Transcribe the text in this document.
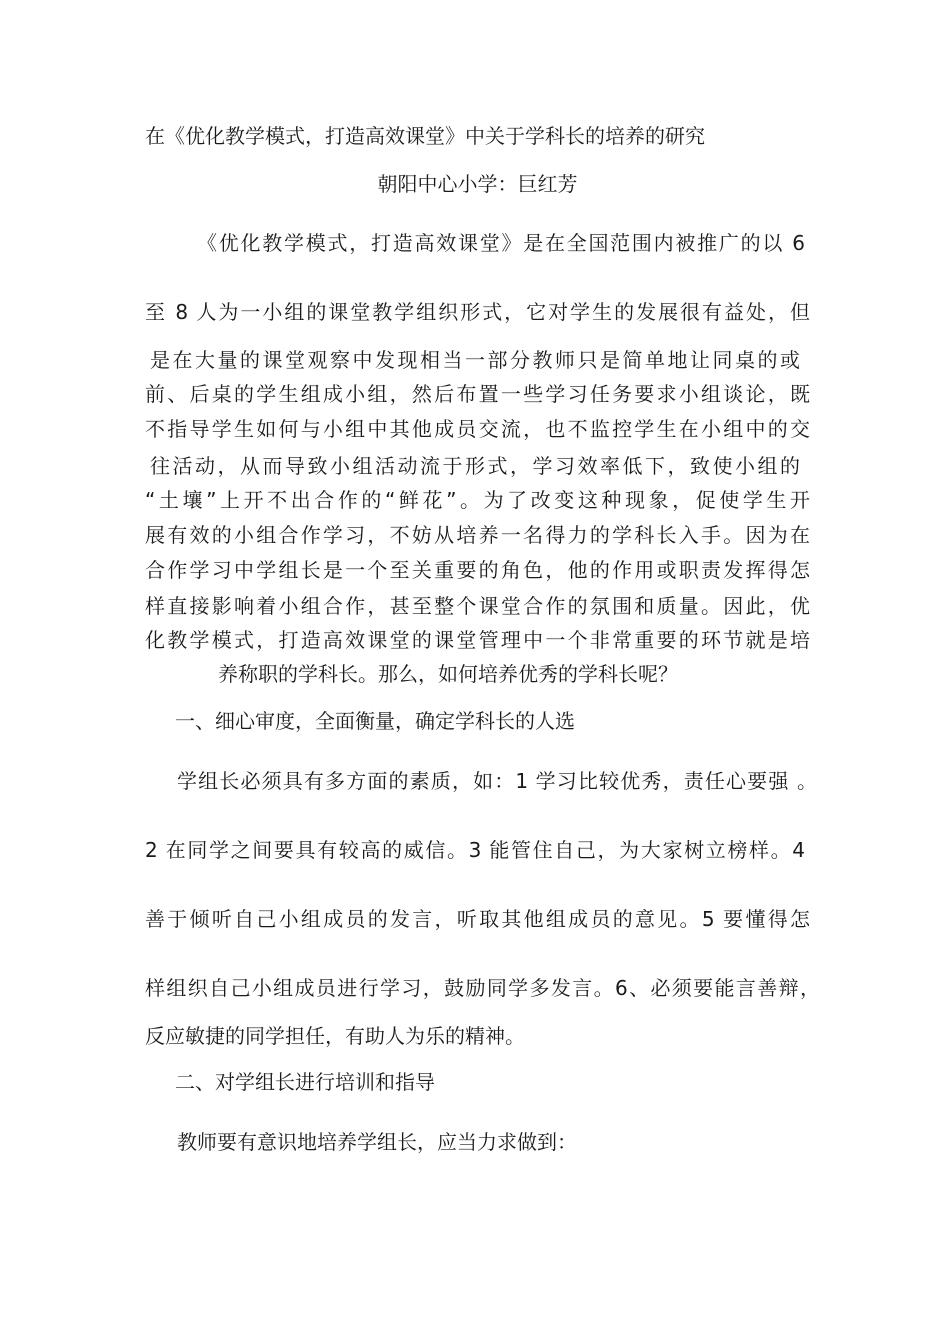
在《优化教学模式，打造高效课堂》中关于学科长的培养的研究

朝阳中心小学：巨红芳

《优化教学模式，打造高效课堂》是在全国范围内被推广的以 6

至 8 人为一小组的课堂教学组织形式，它对学生的发展很有益处，但

是在大量的课堂观察中发现相当一部分教师只是简单地让同桌的或

前、后桌的学生组成小组，然后布置一些学习任务要求小组谈论，既

不指导学生如何与小组中其他成员交流，也不监控学生在小组中的交

往活动，从而导致小组活动流于形式，学习效率低下，致使小组的

“土壤”上开不出合作的“鲜花”。为了改变这种现象，促使学生开

展有效的小组合作学习，不妨从培养一名得力的学科长入手。因为在

合作学习中学组长是一个至关重要的角色，他的作用或职责发挥得怎

样直接影响着小组合作，甚至整个课堂合作的氛围和质量。因此，优

化教学模式，打造高效课堂的课堂管理中一个非常重要的环节就是培

养称职的学科长。那么，如何培养优秀的学科长呢？

一、细心审度，全面衡量，确定学科长的人选

学组长必须具有多方面的素质，如：1 学习比较优秀，责任心要强 。

2 在同学之间要具有较高的威信。3 能管住自己，为大家树立榜样。4

善于倾听自己小组成员的发言，听取其他组成员的意见。5 要懂得怎

样组织自己小组成员进行学习，鼓励同学多发言。6、必须要能言善辩，

反应敏捷的同学担任，有助人为乐的精神。

二、对学组长进行培训和指导

教师要有意识地培养学组长，应当力求做到：
